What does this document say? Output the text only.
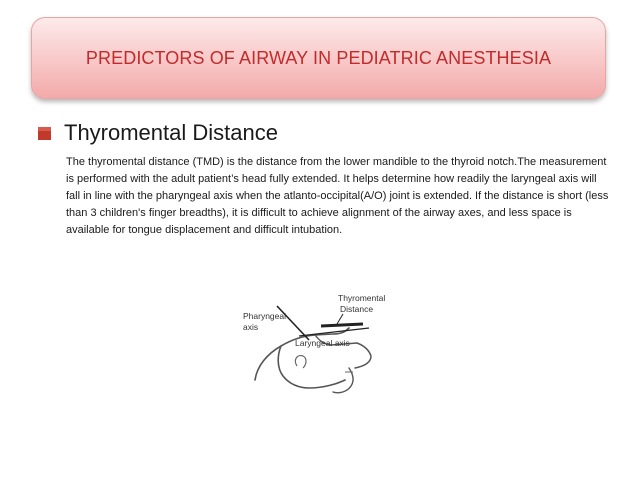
PREDICTORS OF AIRWAY IN PEDIATRIC ANESTHESIA
Thyromental Distance
The thyromental distance (TMD) is the distance from the lower mandible to the thyroid notch.The measurement is performed with the adult patient’s head fully extended. It helps determine how readily the laryngeal axis will fall in line with the pharyngeal axis when the atlanto-occipital(A/O) joint is extended. If the distance is short (less than 3 children's finger breadths), it is difficult to achieve alignment of the airway axes, and less space is available for tongue displacement and difficult intubation.
Pharyngeal
axis
Thyromental
Distance
Laryngeal axis
